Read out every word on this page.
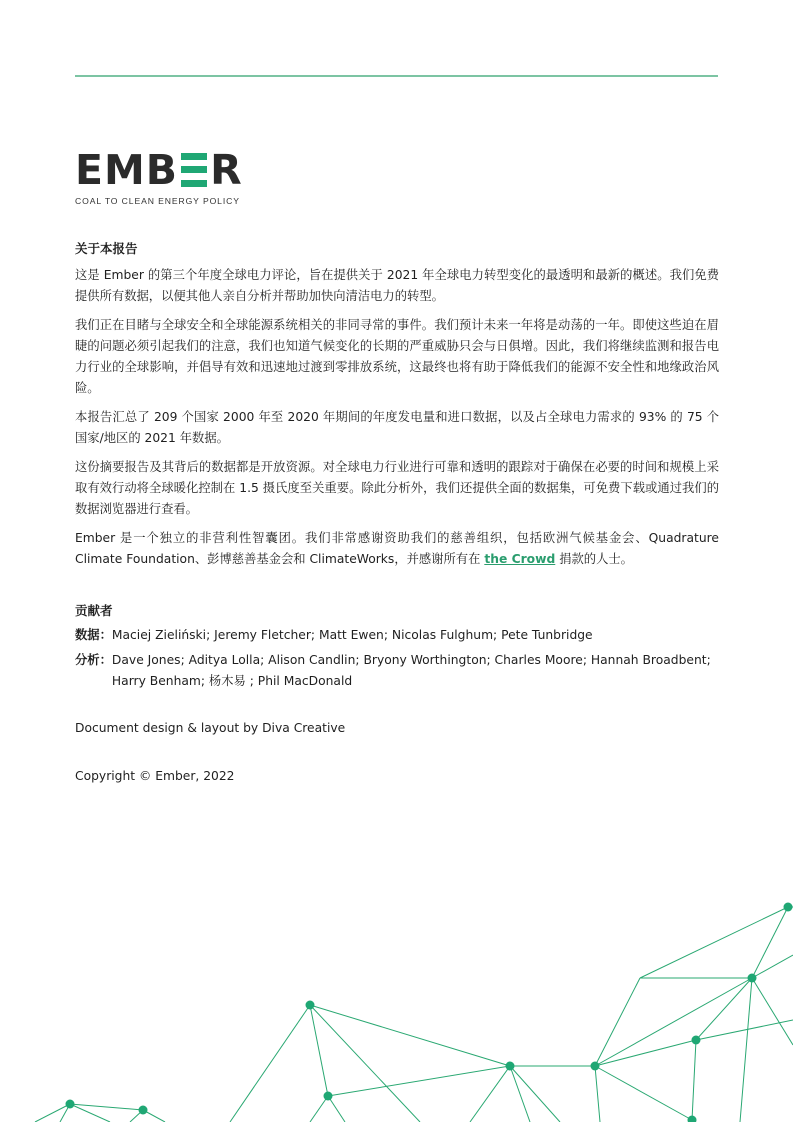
EMB R
COAL TO CLEAN ENERGY POLICY
关于本报告

这是 Ember 的第三个年度全球电力评论，旨在提供关于 2021 年全球电力转型变化的最透明和最新的概述。我们免费提供所有数据，以便其他人亲自分析并帮助加快向清洁电力的转型。

我们正在目睹与全球安全和全球能源系统相关的非同寻常的事件。我们预计未来一年将是动荡的一年。即使这些迫在眉睫的问题必须引起我们的注意，我们也知道气候变化的长期的严重威胁只会与日俱增。因此，我们将继续监测和报告电力行业的全球影响，并倡导有效和迅速地过渡到零排放系统，这最终也将有助于降低我们的能源不安全性和地缘政治风险。

本报告汇总了 209 个国家 2000 年至 2020 年期间的年度发电量和进口数据，以及占全球电力需求的 93% 的 75 个国家/地区的 2021 年数据。

这份摘要报告及其背后的数据都是开放资源。对全球电力行业进行可靠和透明的跟踪对于确保在必要的时间和规模上采取有效行动将全球暖化控制在 1.5 摄氏度至关重要。除此分析外，我们还提供全面的数据集，可免费下载或通过我们的数据浏览器进行查看。

Ember 是一个独立的非营利性智囊团。我们非常感谢资助我们的慈善组织，包括欧洲气候基金会、Quadrature Climate Foundation、彭博慈善基金会和 ClimateWorks，并感谢所有在 the Crowd 捐款的人士。

贡献者
数据： Maciej Zieliński; Jeremy Fletcher; Matt Ewen; Nicolas Fulghum; Pete Tunbridge
分析： Dave Jones; Aditya Lolla; Alison Candlin; Bryony Worthington; Charles Moore; Hannah Broadbent; Harry Benham; 杨木易 ; Phil MacDonald
Document design & layout by Diva Creative
Copyright © Ember, 2022
